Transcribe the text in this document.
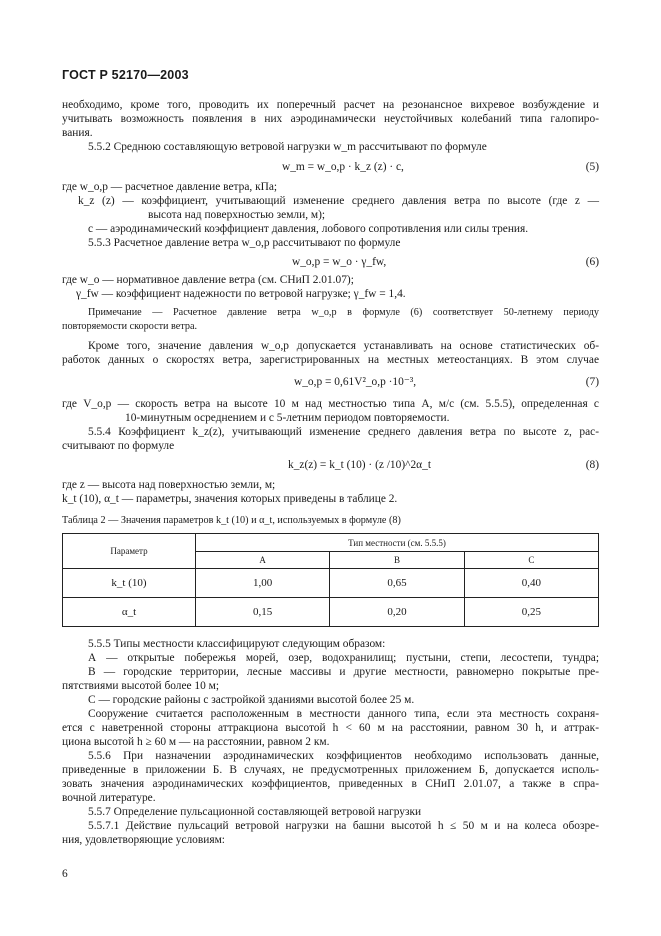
ГОСТ Р 52170—2003
необходимо, кроме того, проводить их поперечный расчет на резонансное вихревое возбуждение и
учитывать возможность появления в них аэродинамически неустойчивых колебаний типа галопиро-
вания.
5.5.2 Среднюю составляющую ветровой нагрузки w_m рассчитывают по формуле
w_m = w_o,p · k_z (z) · c,	(5)
где w_o,p — расчетное давление ветра, кПа;
k_z (z) — коэффициент, учитывающий изменение среднего давления ветра по высоте (где z —
высота над поверхностью земли, м);
c — аэродинамический коэффициент давления, лобового сопротивления или силы трения.
5.5.3 Расчетное давление ветра w_o,p рассчитывают по формуле
w_o,p = w_o · γ_fw,	(6)
где w_o — нормативное давление ветра (см. СНиП 2.01.07);
γ_fw — коэффициент надежности по ветровой нагрузке; γ_fw = 1,4.
Примечание — Расчетное давление ветра w_o,p в формуле (6) соответствует 50-летнему периоду
повторяемости скорости ветра.
Кроме того, значение давления w_o,p допускается устанавливать на основе статистических об-
работок данных о скоростях ветра, зарегистрированных на местных метеостанциях. В этом случае
w_o,p = 0,61V²_o,p ·10⁻³,	(7)
где V_o,p — скорость ветра на высоте 10 м над местностью типа А, м/с (см. 5.5.5), определенная с
10-минутным осреднением и с 5-летним периодом повторяемости.
5.5.4 Коэффициент k_z(z), учитывающий изменение среднего давления ветра по высоте z, рас-
считывают по формуле
k_z(z) = k_t (10) · (z /10)^2α_t	(8)
где z — высота над поверхностью земли, м;
k_t (10), α_t — параметры, значения которых приведены в таблице 2.
Таблица 2 — Значения параметров k_t (10) и α_t, используемых в формуле (8)
Параметр	Тип местности (см. 5.5.5)		
	А	В	С
k_t (10)	1,00	0,65	0,40
α_t	0,15	0,20	0,25
5.5.5 Типы местности классифицируют следующим образом:
А — открытые побережья морей, озер, водохранилищ; пустыни, степи, лесостепи, тундра;
В — городские территории, лесные массивы и другие местности, равномерно покрытые пре-
пятствиями высотой более 10 м;
С — городские районы с застройкой зданиями высотой более 25 м.
Сооружение считается расположенным в местности данного типа, если эта местность сохраня-
ется с наветренной стороны аттракциона высотой h < 60 м на расстоянии, равном 30 h, и аттрак-
циона высотой h ≥ 60 м — на расстоянии, равном 2 км.
5.5.6 При назначении аэродинамических коэффициентов необходимо использовать данные,
приведенные в приложении Б. В случаях, не предусмотренных приложением Б, допускается исполь-
зовать значения аэродинамических коэффициентов, приведенных в СНиП 2.01.07, а также в спра-
вочной литературе.
5.5.7 Определение пульсационной составляющей ветровой нагрузки
5.5.7.1 Действие пульсаций ветровой нагрузки на башни высотой h ≤ 50 м и на колеса обозре-
ния, удовлетворяющие условиям:
6
